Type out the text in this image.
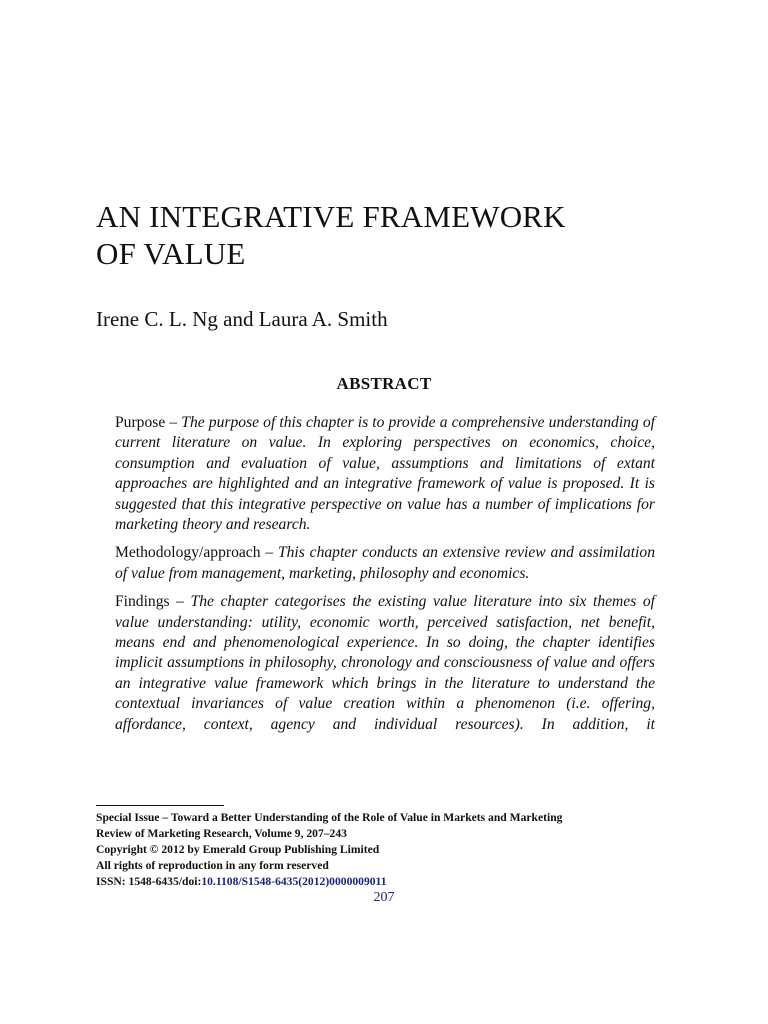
AN INTEGRATIVE FRAMEWORK
OF VALUE
Irene C. L. Ng and Laura A. Smith
ABSTRACT

Purpose – The purpose of this chapter is to provide a comprehensive understanding of current literature on value. In exploring perspectives on economics, choice, consumption and evaluation of value, assumptions and limitations of extant approaches are highlighted and an integrative framework of value is proposed. It is suggested that this integrative perspective on value has a number of implications for marketing theory and research.

Methodology/approach – This chapter conducts an extensive review and assimilation of value from management, marketing, philosophy and economics.

Findings – The chapter categorises the existing value literature into six themes of value understanding: utility, economic worth, perceived satisfaction, net benefit, means end and phenomenological experience. In so doing, the chapter identifies implicit assumptions in philosophy, chronology and consciousness of value and offers an integrative value framework which brings in the literature to understand the contextual invariances of value creation within a phenomenon (i.e. offering, affordance, context, agency and individual resources). In addition, it

Special Issue – Toward a Better Understanding of the Role of Value in Markets and Marketing
Review of Marketing Research, Volume 9, 207–243
Copyright © 2012 by Emerald Group Publishing Limited
All rights of reproduction in any form reserved
ISSN: 1548-6435/doi:10.1108/S1548-6435(2012)0000009011
207
